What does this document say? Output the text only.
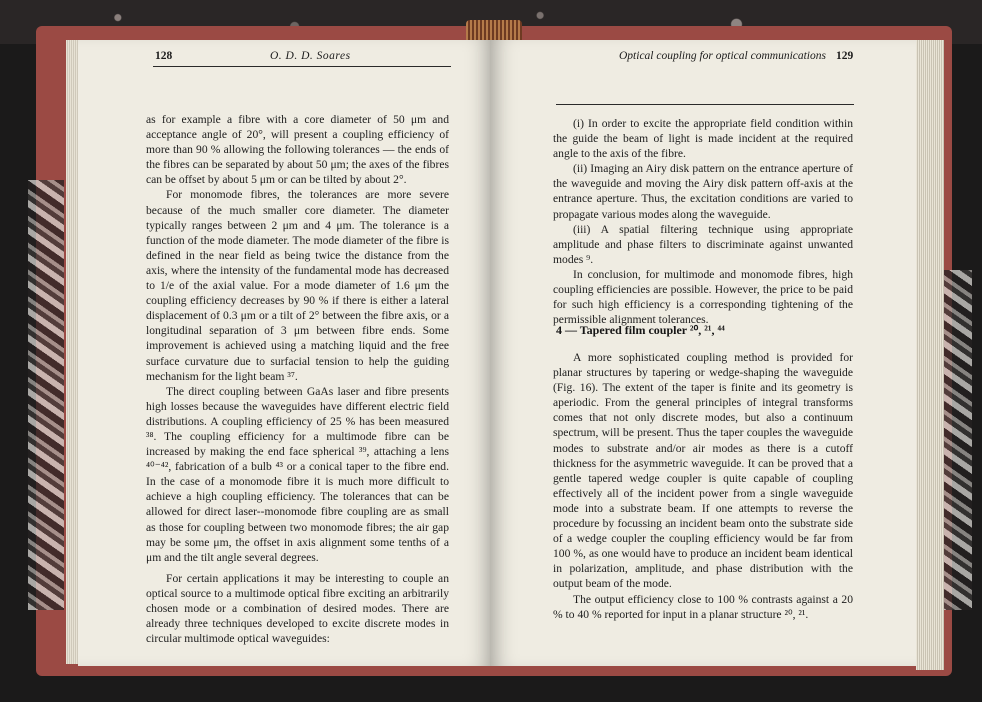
128	O. D. D. Soares

as for example a fibre with a core diameter of 50 μm and acceptance angle of 20°, will present a coupling efficiency of more than 90 % allowing the following tolerances — the ends of the fibres can be separated by about 50 μm; the axes of the fibres can be offset by about 5 μm or can be tilted by about 2°.

For monomode fibres, the tolerances are more severe because of the much smaller core diameter. The diameter typically ranges between 2 μm and 4 μm. The tolerance is a function of the mode diameter. The mode diameter of the fibre is defined in the near field as being twice the distance from the axis, where the intensity of the fundamental mode has decreased to 1/e of the axial value. For a mode diameter of 1.6 μm the coupling efficiency decreases by 90 % if there is either a lateral displacement of 0.3 μm or a tilt of 2° between the fibre axis, or a longitudinal separation of 3 μm between fibre ends. Some improvement is achieved using a matching liquid and the free surface curvature due to surfacial tension to help the guiding mechanism for the light beam ³⁷.

The direct coupling between GaAs laser and fibre presents high losses because the waveguides have different electric field distributions. A coupling efficiency of 25 % has been measured ³⁸. The coupling efficiency for a multimode fibre can be increased by making the end face spherical ³⁹, attaching a lens ⁴⁰⁻⁴², fabrication of a bulb ⁴³ or a conical taper to the fibre end. In the case of a monomode fibre it is much more difficult to achieve a high coupling efficiency. The tolerances that can be allowed for direct laser--monomode fibre coupling are as small as those for coupling between two monomode fibres; the air gap may be some μm, the offset in axis alignment some tenths of a μm and the tilt angle several degrees.

For certain applications it may be interesting to couple an optical source to a multimode optical fibre exciting an arbitrarily chosen mode or a combination of desired modes. There are already three techniques developed to excite discrete modes in circular multimode optical waveguides:

Optical coupling for optical communications 129

(i) In order to excite the appropriate field condition within the guide the beam of light is made incident at the required angle to the axis of the fibre.

(ii) Imaging an Airy disk pattern on the entrance aperture of the waveguide and moving the Airy disk pattern off-axis at the entrance aperture. Thus, the excitation conditions are varied to propagate various modes along the waveguide.

(iii) A spatial filtering technique using appropriate amplitude and phase filters to discriminate against unwanted modes ⁹.

In conclusion, for multimode and monomode fibres, high coupling efficiencies are possible. However, the price to be paid for such high efficiency is a corresponding tightening of the permissible alignment tolerances.

4 — Tapered film coupler ²⁰, ²¹, ⁴⁴

A more sophisticated coupling method is provided for planar structures by tapering or wedge-shaping the waveguide (Fig. 16). The extent of the taper is finite and its geometry is aperiodic. From the general principles of integral transforms comes that not only discrete modes, but also a continuum spectrum, will be present. Thus the taper couples the waveguide modes to substrate and/or air modes as there is a cutoff thickness for the asymmetric waveguide. It can be proved that a gentle tapered wedge coupler is quite capable of coupling effectively all of the incident power from a single waveguide mode into a substrate beam. If one attempts to reverse the procedure by focussing an incident beam onto the substrate side of a wedge coupler the coupling efficiency would be far from 100 %, as one would have to produce an incident beam identical in polarization, amplitude, and phase distribution with the output beam of the mode.

The output efficiency close to 100 % contrasts against a 20 % to 40 % reported for input in a planar structure ²⁰, ²¹.
